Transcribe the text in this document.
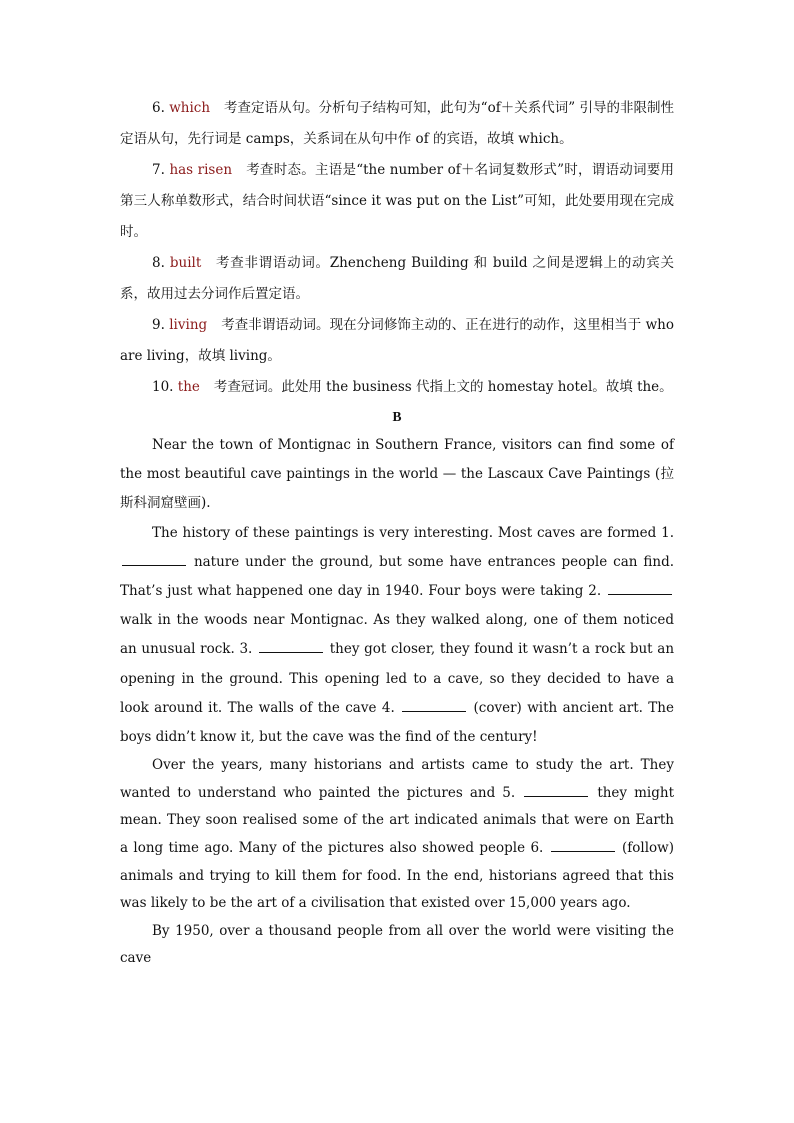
6. which 考查定语从句。分析句子结构可知，此句为“of＋关系代词” 引导的非限制性定语从句，先行词是 camps，关系词在从句中作 of 的宾语，故填 which。

7. has risen 考查时态。主语是“the number of＋名词复数形式”时，谓语动词要用第三人称单数形式，结合时间状语“since it was put on the List”可知，此处要用现在完成时。

8. built 考查非谓语动词。Zhencheng Building 和 build 之间是逻辑上的动宾关系，故用过去分词作后置定语。

9. living 考查非谓语动词。现在分词修饰主动的、正在进行的动作，这里相当于 who are living，故填 living。

10. the 考查冠词。此处用 the business 代指上文的 homestay hotel。故填 the。

B

Near the town of Montignac in Southern France, visitors can find some of the most beautiful cave paintings in the world — the Lascaux Cave Paintings (拉斯科洞窟壁画).

The history of these paintings is very interesting. Most caves are formed 1.  nature under the ground, but some have entrances people can find. That’s just what happened one day in 1940. Four boys were taking 2.  walk in the woods near Montignac. As they walked along, one of them noticed an unusual rock. 3.	they got closer, they found it wasn’t a rock but an opening in the ground. This opening led to a cave, so they decided to have a look around it. The walls of the cave 4.	(cover) with ancient art. The boys didn’t know it, but the cave was the find of the century!

Over the years, many historians and artists came to study the art. They wanted to understand who painted the pictures and 5.	they might mean. They soon realised some of the art indicated animals that were on Earth a long time ago. Many of the pictures also showed people 6.	(follow) animals and trying to kill them for food. In the end, historians agreed that this was likely to be the art of a civilisation that existed over 15,000 years ago.

By 1950, over a thousand people from all over the world were visiting the cave
